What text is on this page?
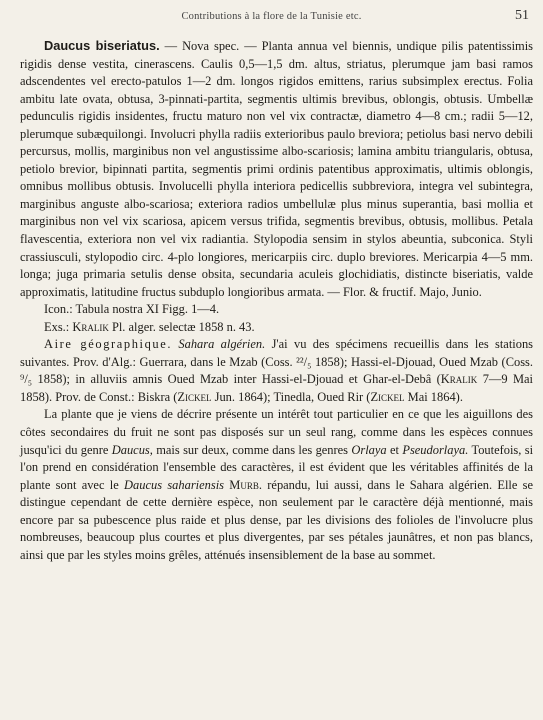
Contributions à la flore de la Tunisie etc.	51

Daucus biseriatus. — Nova spec. — Planta annua vel biennis, undique pilis patentissimis rigidis dense vestita, cinerascens. Caulis 0,5—1,5 dm. altus, striatus, plerumque jam basi ramos adscendentes vel erecto-patulos 1—2 dm. longos rigidos emittens, rarius subsimplex erectus. Folia ambitu late ovata, obtusa, 3-pinnati-partita, segmentis ultimis brevibus, oblongis, obtusis. Umbellæ pedunculis rigidis insidentes, fructu maturo non vel vix contractæ, diametro 4—8 cm.; radii 5—12, plerumque subæquilongi. Involucri phylla radiis exterioribus paulo breviora; petiolus basi nervo debili percursus, mollis, marginibus non vel angustissime albo-scariosis; lamina ambitu triangularis, obtusa, petiolo brevior, bipinnati partita, segmentis primi ordinis patentibus approximatis, ultimis oblongis, omnibus mollibus obtusis. Involucelli phylla interiora pedicellis subbreviora, integra vel subintegra, marginibus anguste albo-scariosa; exteriora radios umbellulæ plus minus superantia, basi mollia et marginibus non vel vix scariosa, apicem versus trifida, segmentis brevibus, obtusis, mollibus. Petala flavescentia, exteriora non vel vix radiantia. Stylopodia sensim in stylos abeuntia, subconica. Styli crassiusculi, stylopodio circ. 4-plo longiores, mericarpiis circ. duplo breviores. Mericarpia 4—5 mm. longa; juga primaria setulis dense obsita, secundaria aculeis glochidiatis, distincte biseriatis, valde approximatis, latitudine fructus subduplo longioribus armata. — Flor. & fructif. Majo, Junio.

Icon.: Tabula nostra XI Figg. 1—4.

Exs.: Kralik Pl. alger. selectæ 1858 n. 43.

Aire géographique. Sahara algérien. J'ai vu des spécimens recueillis dans les stations suivantes. Prov. d'Alg.: Guerrara, dans le Mzab (Coss. ²²/₅ 1858); Hassi-el-Djouad, Oued Mzab (Coss. ⁹/₅ 1858); in alluviis amnis Oued Mzab inter Hassi-el-Djouad et Ghar-el-Debâ (Kralik 7—9 Mai 1858). Prov. de Const.: Biskra (Zickel Jun. 1864); Tinedla, Oued Rir (Zickel Mai 1864).

La plante que je viens de décrire présente un intérêt tout particulier en ce que les aiguillons des côtes secondaires du fruit ne sont pas disposés sur un seul rang, comme dans les espèces connues jusqu'ici du genre Daucus, mais sur deux, comme dans les genres Orlaya et Pseudorlaya. Toutefois, si l'on prend en considération l'ensemble des caractères, il est évident que les véritables affinités de la plante sont avec le Daucus sahariensis Murb. répandu, lui aussi, dans le Sahara algérien. Elle se distingue cependant de cette dernière espèce, non seulement par le caractère déjà mentionné, mais encore par sa pubescence plus raide et plus dense, par les divisions des folioles de l'involucre plus nombreuses, beaucoup plus courtes et plus divergentes, par ses pétales jaunâtres, et non pas blancs, ainsi que par les styles moins grêles, atténués insensiblement de la base au sommet.
